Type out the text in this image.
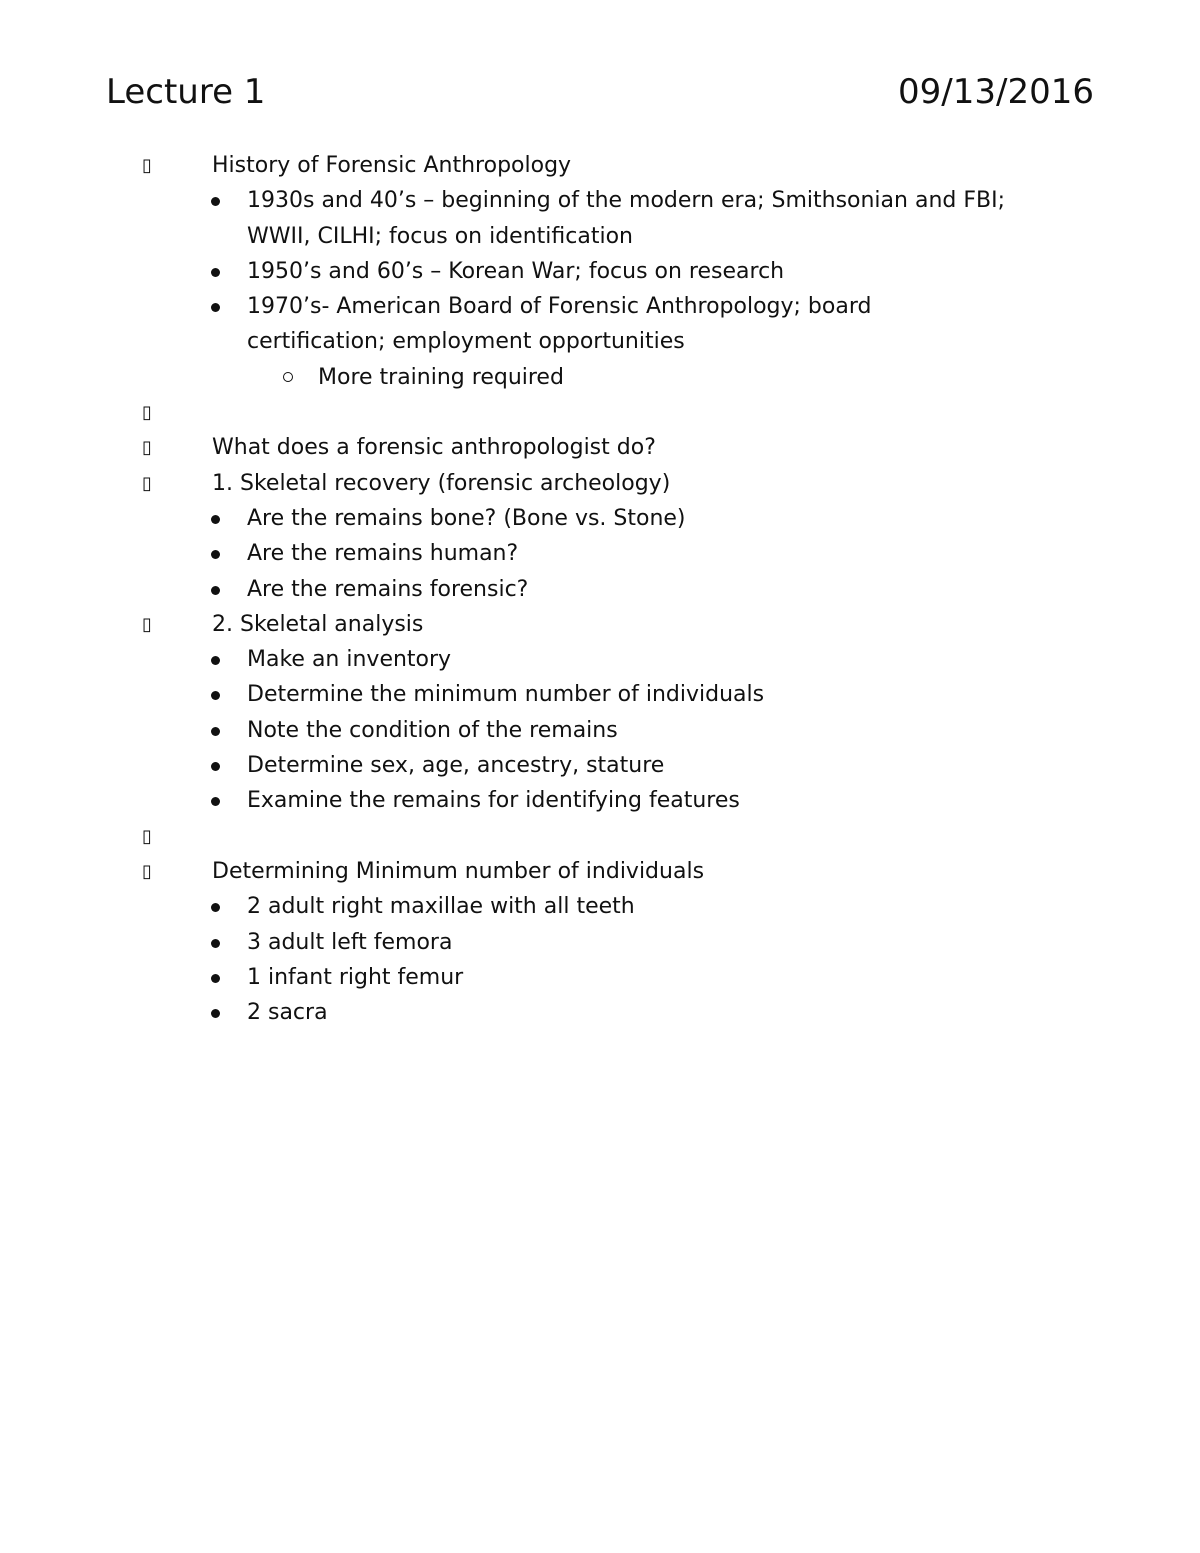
Lecture 1	09/13/2016
▯	History of Forensic Anthropology
1930s and 40’s – beginning of the modern era; Smithsonian and FBI; WWII, CILHI; focus on identification
1950’s and 60’s – Korean War; focus on research
1970’s- American Board of Forensic Anthropology; board certification; employment opportunities
More training required
▯
▯	What does a forensic anthropologist do?
▯	1. Skeletal recovery (forensic archeology)
Are the remains bone? (Bone vs. Stone)
Are the remains human?
Are the remains forensic?
▯	2. Skeletal analysis
Make an inventory
Determine the minimum number of individuals
Note the condition of the remains
Determine sex, age, ancestry, stature
Examine the remains for identifying features
▯
▯	Determining Minimum number of individuals
2 adult right maxillae with all teeth
3 adult left femora
1 infant right femur
2 sacra
